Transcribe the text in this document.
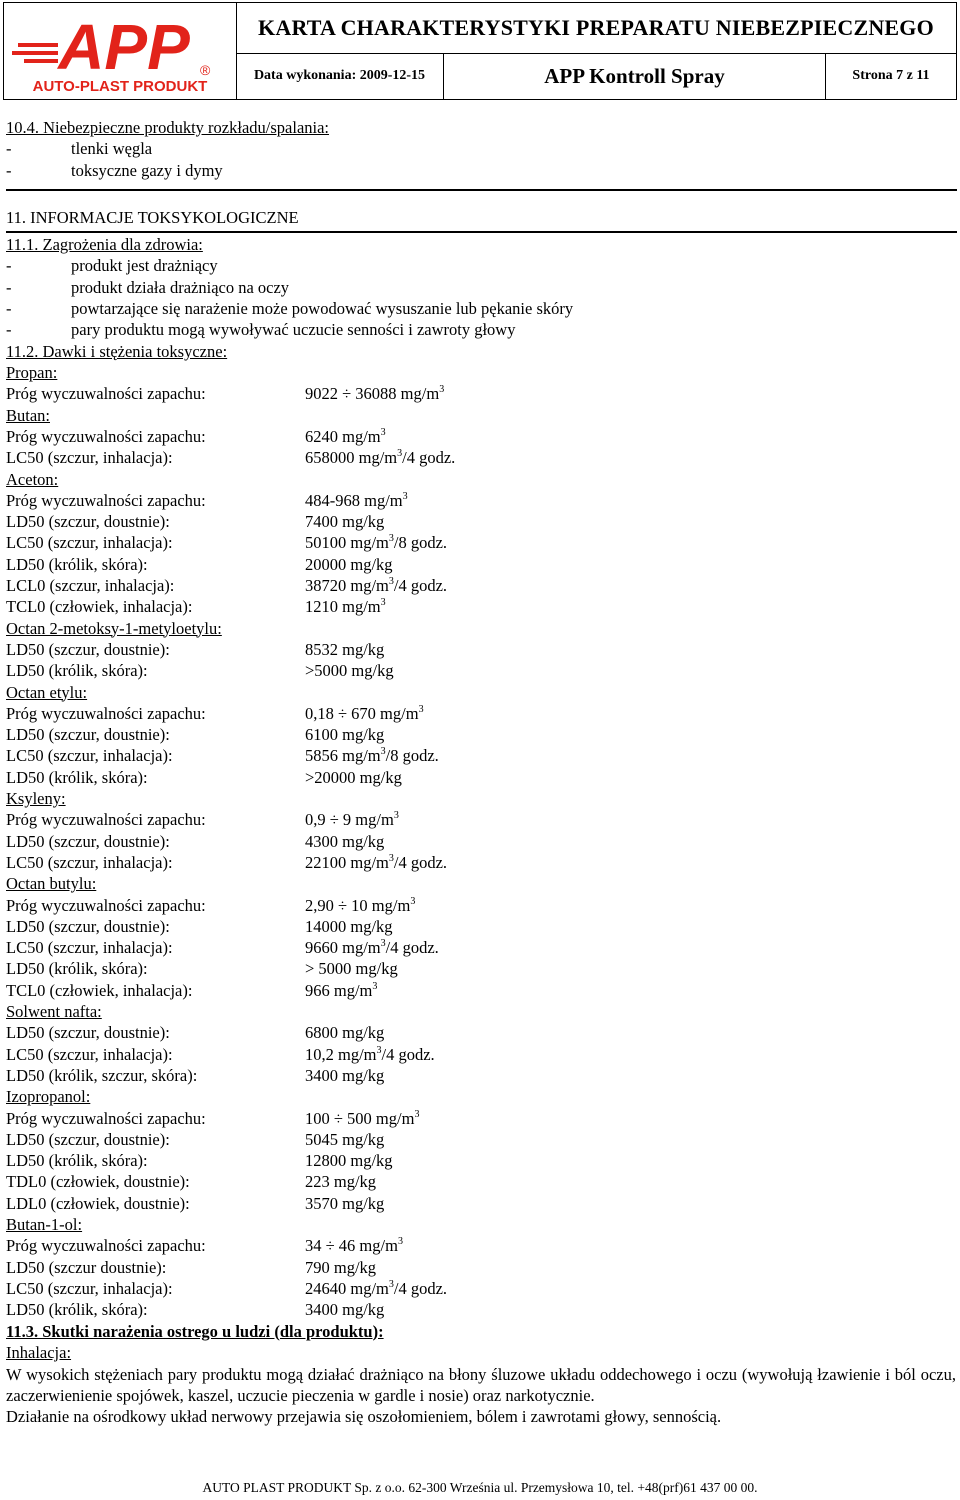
APP ®
AUTO-PLAST PRODUKT
KARTA CHARAKTERYSTYKI PREPARATU NIEBEZPIECZNEGO
Data wykonania: 2009-12-15	APP Kontroll Spray	Strona 7 z 11
10.4. Niebezpieczne produkty rozkładu/spalania:
-	tlenki węgla
-	toksyczne gazy i dymy
11. INFORMACJE TOKSYKOLOGICZNE
11.1. Zagrożenia dla zdrowia:
-	produkt jest drażniący
-	produkt działa drażniąco na oczy
-	powtarzające się narażenie może powodować wysuszanie lub pękanie skóry
-	pary produktu mogą wywoływać uczucie senności i zawroty głowy
11.2. Dawki i stężenia toksyczne:
Propan:
Próg wyczuwalności zapachu:	9022 ÷ 36088 $mg/m^3$
Butan:
Próg wyczuwalności zapachu:	6240 $mg/m^3$
LC50 (szczur, inhalacja):	658000 $mg/m^3/4$ godz.
Aceton:
Próg wyczuwalności zapachu:	484-968 $mg/m^3$
LD50 (szczur, doustnie):	7400 mg/kg
LC50 (szczur, inhalacja):	50100 $mg/m^3/8$ godz.
LD50 (królik, skóra):	20000 mg/kg
LCL0 (szczur, inhalacja):	38720 $mg/m^3/4$ godz.
TCL0 (człowiek, inhalacja):	1210 $mg/m^3$
Octan 2-metoksy-1-metyloetylu:
LD50 (szczur, doustnie):	8532 mg/kg
LD50 (królik, skóra):	>5000 mg/kg
Octan etylu:
Próg wyczuwalności zapachu:	0,18 ÷ 670 $mg/m^3$
LD50 (szczur, doustnie):	6100 mg/kg
LC50 (szczur, inhalacja):	5856 $mg/m^3/8$ godz.
LD50 (królik, skóra):	>20000 mg/kg
Ksyleny:
Próg wyczuwalności zapachu:	0,9 ÷ 9 $mg/m^3$
LD50 (szczur, doustnie):	4300 mg/kg
LC50 (szczur, inhalacja):	22100 $mg/m^3/4$ godz.
Octan butylu:
Próg wyczuwalności zapachu:	2,90 ÷ 10 $mg/m^3$
LD50 (szczur, doustnie):	14000 mg/kg
LC50 (szczur, inhalacja):	9660 $mg/m^3/4$ godz.
LD50 (królik, skóra):	> 5000 mg/kg
TCL0 (człowiek, inhalacja):	966 $mg/m^3$
Solwent nafta:
LD50 (szczur, doustnie):	6800 mg/kg
LC50 (szczur, inhalacja):	10,2 $mg/m^3/4$ godz.
LD50 (królik, szczur, skóra):	3400 mg/kg
Izopropanol:
Próg wyczuwalności zapachu:	100 ÷ 500 $mg/m^3$
LD50 (szczur, doustnie):	5045 mg/kg
LD50 (królik, skóra):	12800 mg/kg
TDL0 (człowiek, doustnie):	223 mg/kg
LDL0 (człowiek, doustnie):	3570 mg/kg
Butan-1-ol:
Próg wyczuwalności zapachu:	34 ÷ 46 $mg/m^3$
LD50 (szczur doustnie):	790 mg/kg
LC50 (szczur, inhalacja):	24640 $mg/m^3/4$ godz.
LD50 (królik, skóra):	3400 mg/kg
11.3. Skutki narażenia ostrego u ludzi (dla produktu):
Inhalacja:
W wysokich stężeniach pary produktu mogą działać drażniąco na błony śluzowe układu oddechowego i oczu (wywołują łzawienie i ból oczu, zaczerwienienie spojówek, kaszel, uczucie pieczenia w gardle i nosie) oraz narkotycznie.
Działanie na ośrodkowy układ nerwowy przejawia się oszołomieniem, bólem i zawrotami głowy, sennością.
AUTO PLAST PRODUKT Sp. z o.o. 62-300 Września ul. Przemysłowa 10, tel. +48(prf)61 437 00 00.
